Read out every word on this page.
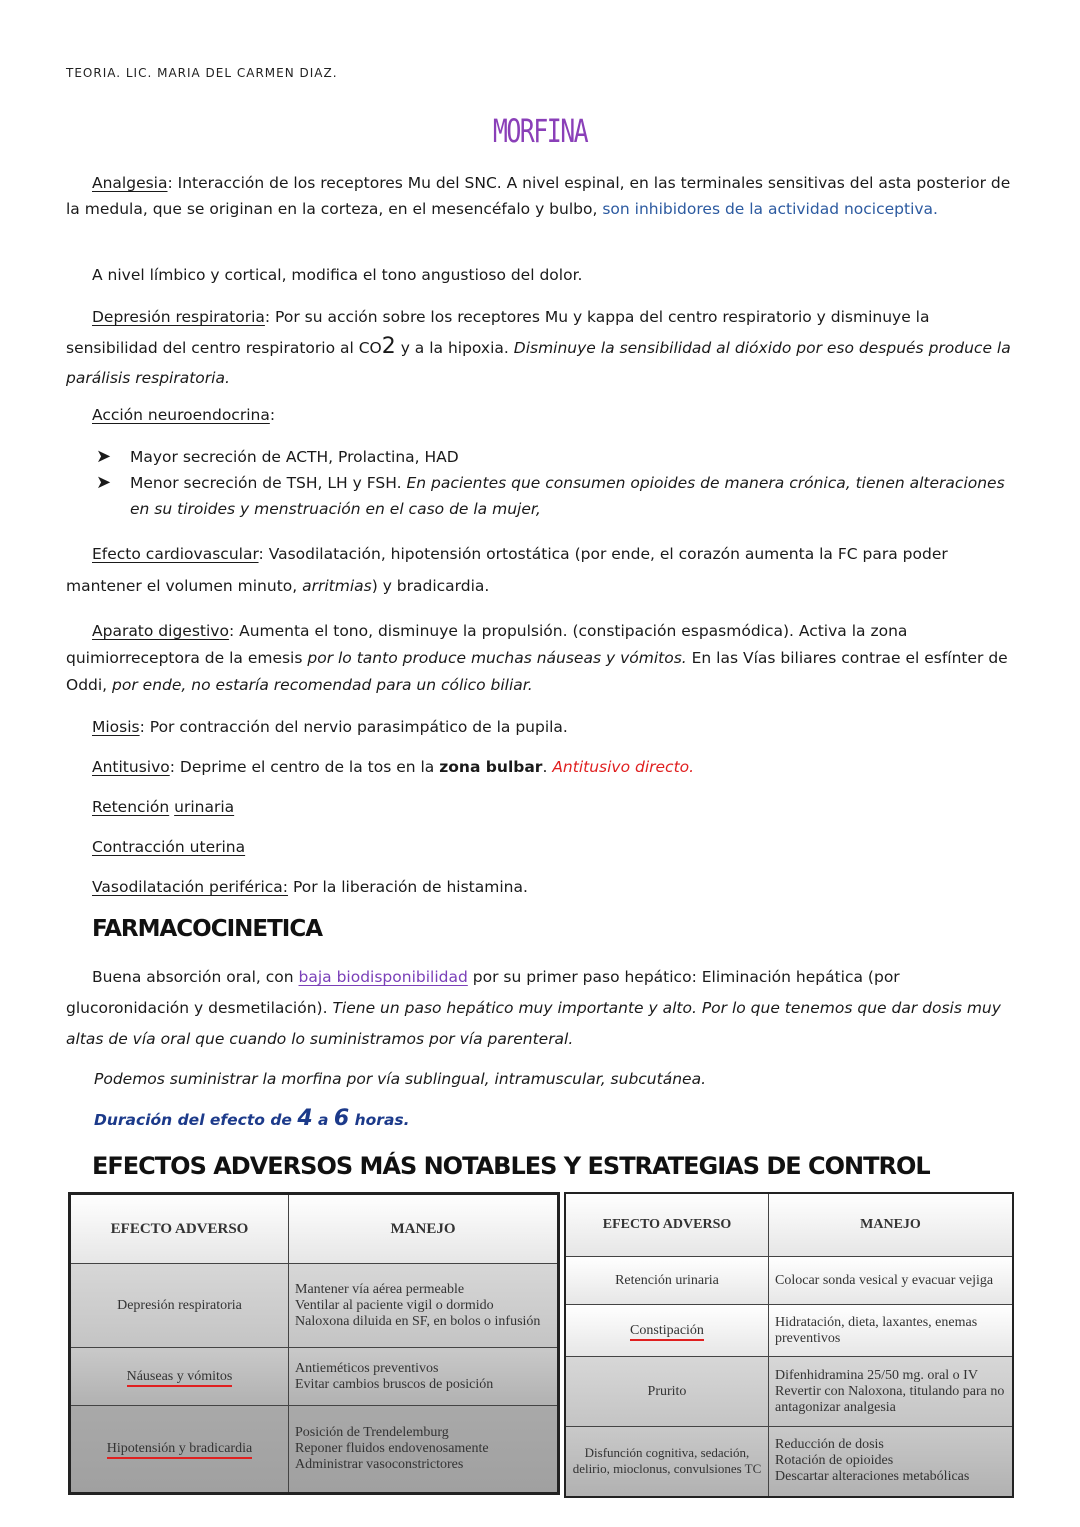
TEORIA. LIC. MARIA DEL CARMEN DIAZ.
MORFINA

Analgesia: Interacción de los receptores Mu del SNC. A nivel espinal, en las terminales sensitivas del asta posterior de la medula, que se originan en la corteza, en el mesencéfalo y bulbo, son inhibidores de la actividad nociceptiva.

A nivel límbico y cortical, modifica el tono angustioso del dolor.

Depresión respiratoria: Por su acción sobre los receptores Mu y kappa del centro respiratorio y disminuye la sensibilidad del centro respiratorio al CO2 y a la hipoxia. Disminuye la sensibilidad al dióxido por eso después produce la parálisis respiratoria.

Acción neuroendocrina:

➤ Mayor secreción de ACTH, Prolactina, HAD
➤ Menor secreción de TSH, LH y FSH. En pacientes que consumen opioides de manera crónica, tienen alteraciones en su tiroides y menstruación en el caso de la mujer,

Efecto cardiovascular: Vasodilatación, hipotensión ortostática (por ende, el corazón aumenta la FC para poder mantener el volumen minuto, arritmias) y bradicardia.

Aparato digestivo: Aumenta el tono, disminuye la propulsión. (constipación espasmódica). Activa la zona quimiorreceptora de la emesis por lo tanto produce muchas náuseas y vómitos. En las Vías biliares contrae el esfínter de Oddi, por ende, no estaría recomendad para un cólico biliar.

Miosis: Por contracción del nervio parasimpático de la pupila.

Antitusivo: Deprime el centro de la tos en la zona bulbar. Antitusivo directo.

Retención urinaria

Contracción uterina

Vasodilatación periférica: Por la liberación de histamina.

FARMACOCINETICA

Buena absorción oral, con baja biodisponibilidad por su primer paso hepático: Eliminación hepática (por glucoronidación y desmetilación). Tiene un paso hepático muy importante y alto. Por lo que tenemos que dar dosis muy altas de vía oral que cuando lo suministramos por vía parenteral.

Podemos suministrar la morfina por vía sublingual, intramuscular, subcutánea.

Duración del efecto de 4 a 6 horas.

EFECTOS ADVERSOS MÁS NOTABLES Y ESTRATEGIAS DE CONTROL
EFECTO ADVERSO	MANEJO
Depresión respiratoria	Mantener vía aérea permeable
Ventilar al paciente vigil o dormido
Naloxona diluida en SF, en bolos o infusión

Náuseas y vómitos	Antieméticos preventivos
Evitar cambios bruscos de posición

Hipotensión y bradicardia	Posición de Trendelemburg
Reponer fluidos endovenosamente
Administrar vasoconstrictores
EFECTO ADVERSO	MANEJO
Retención urinaria	Colocar sonda vesical y evacuar vejiga

Constipación	Hidratación, dieta, laxantes, enemas preventivos

Prurito	Difenhidramina 25/50 mg. oral o IV
Revertir con Naloxona, titulando para no antagonizar analgesia

Disfunción cognitiva, sedación, delirio, mioclonus, convulsiones TC	Reducción de dosis
Rotación de opioides
Descartar alteraciones metabólicas
